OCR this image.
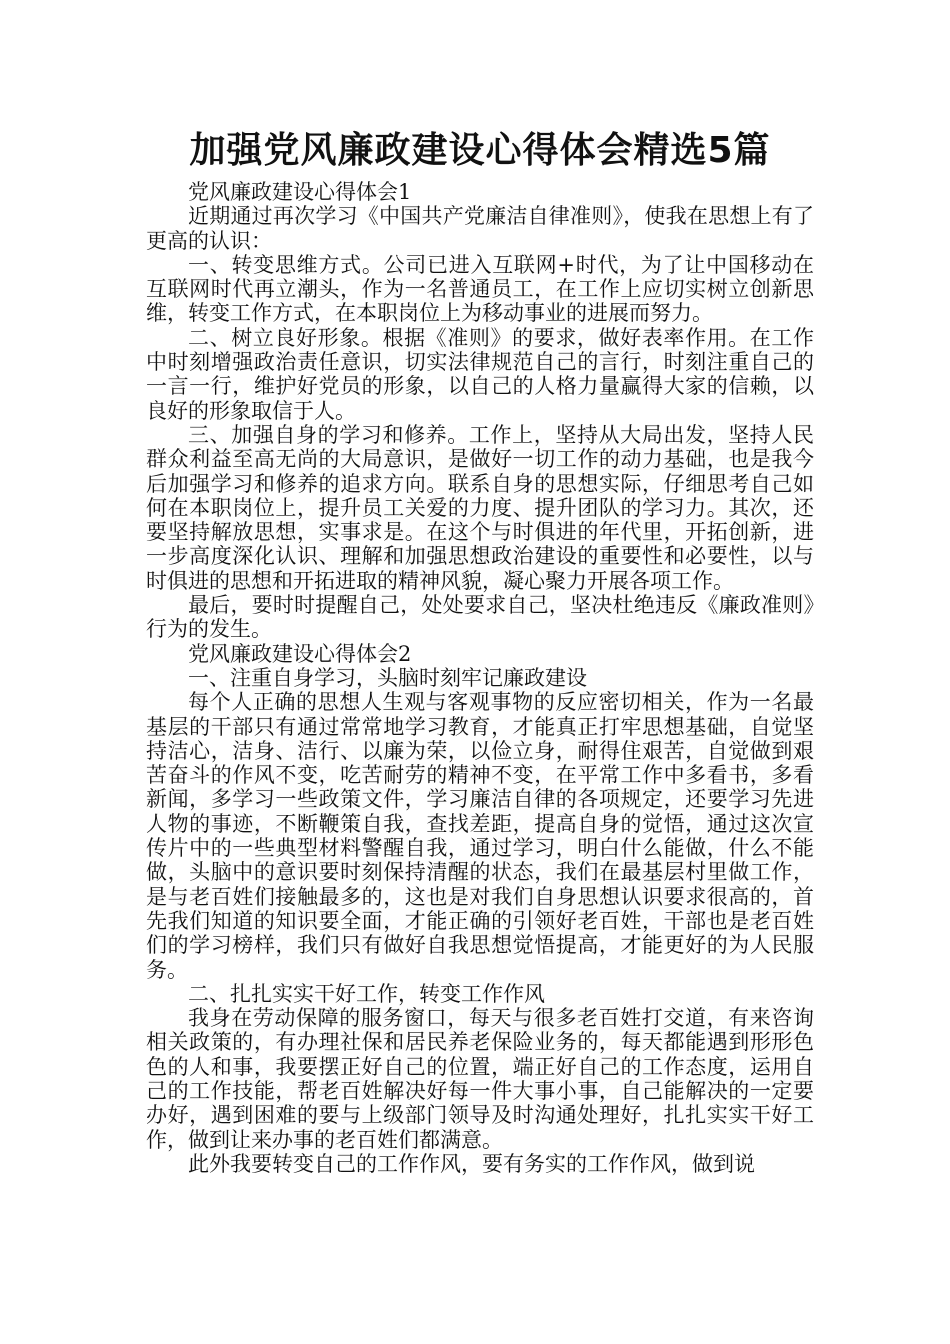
加强党风廉政建设心得体会精选5篇

党风廉政建设心得体会1

近期通过再次学习《中国共产党廉洁自律准则》，使我在思想上有了更高的认识：

一、转变思维方式。公司已进入互联网+时代，为了让中国移动在互联网时代再立潮头，作为一名普通员工，在工作上应切实树立创新思维，转变工作方式，在本职岗位上为移动事业的进展而努力。

二、树立良好形象。根据《准则》的要求，做好表率作用。在工作中时刻增强政治责任意识，切实法律规范自己的言行，时刻注重自己的一言一行，维护好党员的形象，以自己的人格力量赢得大家的信赖，以良好的形象取信于人。

三、加强自身的学习和修养。工作上，坚持从大局出发，坚持人民群众利益至高无尚的大局意识，是做好一切工作的动力基础，也是我今后加强学习和修养的追求方向。联系自身的思想实际，仔细思考自己如何在本职岗位上，提升员工关爱的力度、提升团队的学习力。其次，还要坚持解放思想，实事求是。在这个与时俱进的年代里，开拓创新，进一步高度深化认识、理解和加强思想政治建设的重要性和必要性，以与时俱进的思想和开拓进取的精神风貌，凝心聚力开展各项工作。

最后，要时时提醒自己，处处要求自己，坚决杜绝违反《廉政准则》行为的发生。

党风廉政建设心得体会2

一、注重自身学习，头脑时刻牢记廉政建设

每个人正确的思想人生观与客观事物的反应密切相关，作为一名最基层的干部只有通过常常地学习教育，才能真正打牢思想基础，自觉坚持洁心，洁身、洁行、以廉为荣，以俭立身，耐得住艰苦，自觉做到艰苦奋斗的作风不变，吃苦耐劳的精神不变，在平常工作中多看书，多看新闻，多学习一些政策文件，学习廉洁自律的各项规定，还要学习先进人物的事迹，不断鞭策自我，查找差距，提高自身的觉悟，通过这次宣传片中的一些典型材料警醒自我，通过学习，明白什么能做，什么不能做，头脑中的意识要时刻保持清醒的状态，我们在最基层村里做工作，是与老百姓们接触最多的，这也是对我们自身思想认识要求很高的，首先我们知道的知识要全面，才能正确的引领好老百姓，干部也是老百姓们的学习榜样，我们只有做好自我思想觉悟提高，才能更好的为人民服务。

二、扎扎实实干好工作，转变工作作风

我身在劳动保障的服务窗口，每天与很多老百姓打交道，有来咨询相关政策的，有办理社保和居民养老保险业务的，每天都能遇到形形色色的人和事，我要摆正好自己的位置，端正好自己的工作态度，运用自己的工作技能，帮老百姓解决好每一件大事小事，自己能解决的一定要办好，遇到困难的要与上级部门领导及时沟通处理好，扎扎实实干好工作，做到让来办事的老百姓们都满意。

此外我要转变自己的工作作风，要有务实的工作作风，做到说
